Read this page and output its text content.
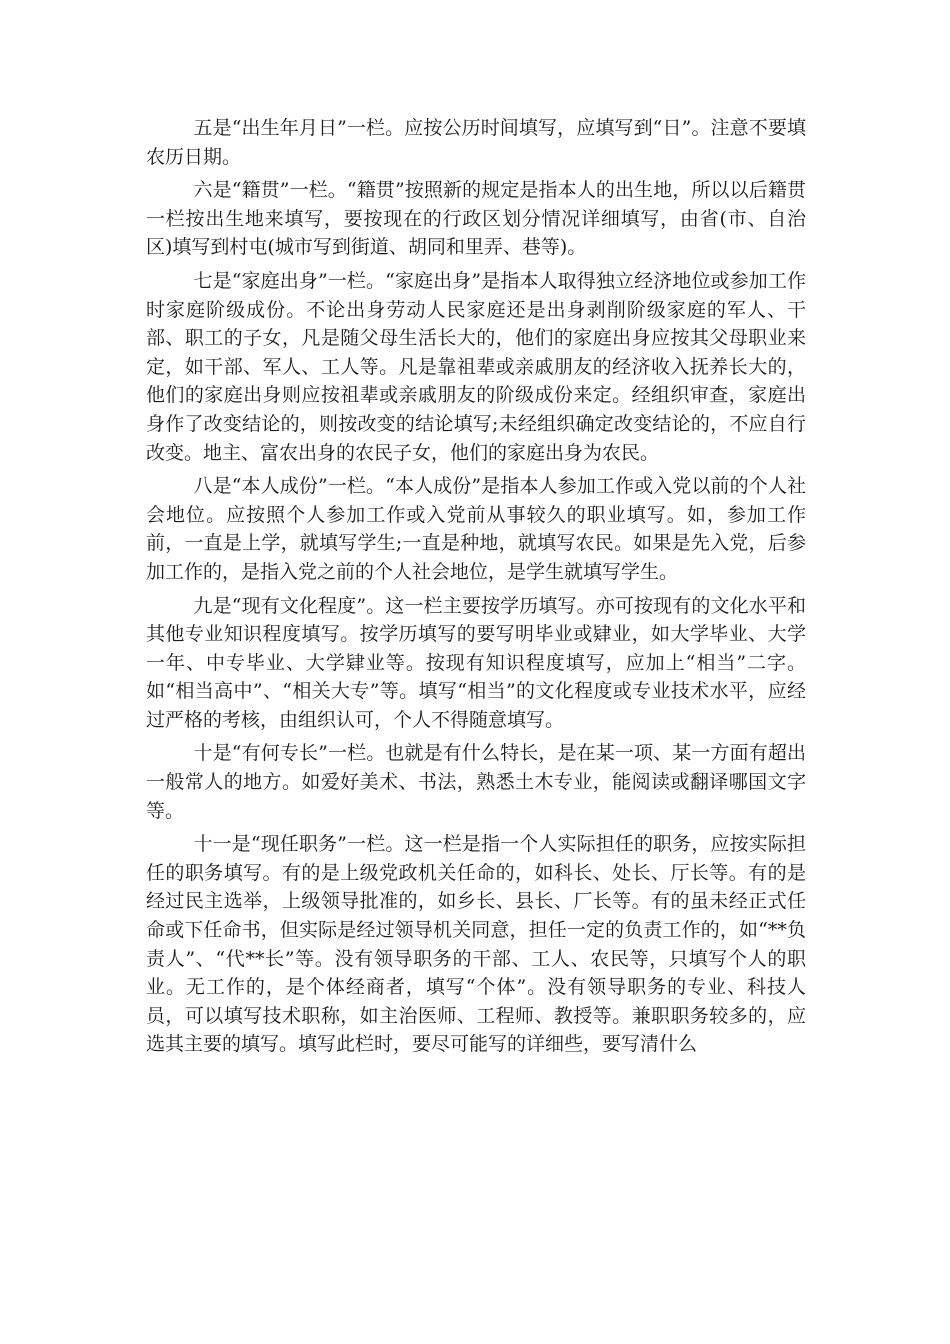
五是“出生年月日”一栏。应按公历时间填写，应填写到“日”。注意不要填农历日期。

六是“籍贯”一栏。“籍贯”按照新的规定是指本人的出生地，所以以后籍贯一栏按出生地来填写，要按现在的行政区划分情况详细填写，由省(市、自治区)填写到村屯(城市写到街道、胡同和里弄、巷等)。

七是“家庭出身”一栏。“家庭出身”是指本人取得独立经济地位或参加工作时家庭阶级成份。不论出身劳动人民家庭还是出身剥削阶级家庭的军人、干部、职工的子女，凡是随父母生活长大的，他们的家庭出身应按其父母职业来定，如干部、军人、工人等。凡是靠祖辈或亲戚朋友的经济收入抚养长大的，他们的家庭出身则应按祖辈或亲戚朋友的阶级成份来定。经组织审查，家庭出身作了改变结论的，则按改变的结论填写;未经组织确定改变结论的，不应自行改变。地主、富农出身的农民子女，他们的家庭出身为农民。

八是“本人成份”一栏。“本人成份”是指本人参加工作或入党以前的个人社会地位。应按照个人参加工作或入党前从事较久的职业填写。如，参加工作前，一直是上学，就填写学生;一直是种地，就填写农民。如果是先入党，后参加工作的，是指入党之前的个人社会地位，是学生就填写学生。

九是“现有文化程度”。这一栏主要按学历填写。亦可按现有的文化水平和其他专业知识程度填写。按学历填写的要写明毕业或肄业，如大学毕业、大学一年、中专毕业、大学肄业等。按现有知识程度填写，应加上“相当”二字。如“相当高中”、“相关大专”等。填写“相当”的文化程度或专业技术水平，应经过严格的考核，由组织认可，个人不得随意填写。

十是“有何专长”一栏。也就是有什么特长，是在某一项、某一方面有超出一般常人的地方。如爱好美术、书法，熟悉土木专业，能阅读或翻译哪国文字等。

十一是“现任职务”一栏。这一栏是指一个人实际担任的职务，应按实际担任的职务填写。有的是上级党政机关任命的，如科长、处长、厅长等。有的是经过民主选举，上级领导批准的，如乡长、县长、厂长等。有的虽未经正式任命或下任命书，但实际是经过领导机关同意，担任一定的负责工作的，如“**负责人”、“代**长”等。没有领导职务的干部、工人、农民等，只填写个人的职业。无工作的，是个体经商者，填写“个体”。没有领导职务的专业、科技人员，可以填写技术职称，如主治医师、工程师、教授等。兼职职务较多的，应选其主要的填写。填写此栏时，要尽可能写的详细些，要写清什么
